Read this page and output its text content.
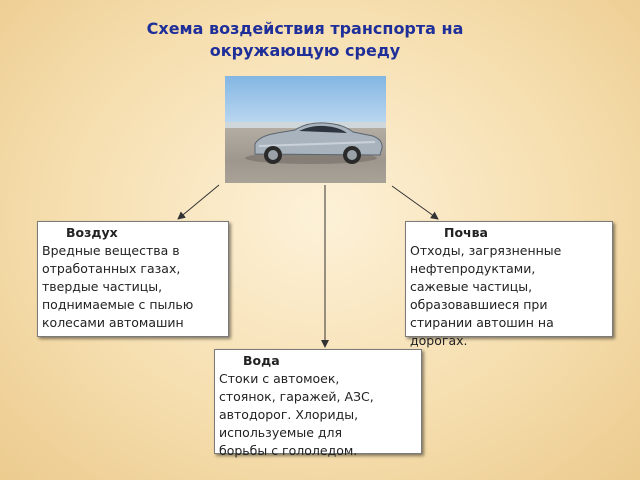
Схема воздействия транспорта на
окружающую среду
Воздух
Вредные вещества в
отработанных газах,
твердые частицы,
поднимаемые с пылью
колесами автомашин
Почва
Отходы, загрязненные
нефтепродуктами,
сажевые частицы,
образовавшиеся при
стирании автошин на
дорогах.
Вода
Стоки с автомоек,
стоянок, гаражей, АЗС,
автодорог. Хлориды,
используемые для
борьбы с гололедом.
